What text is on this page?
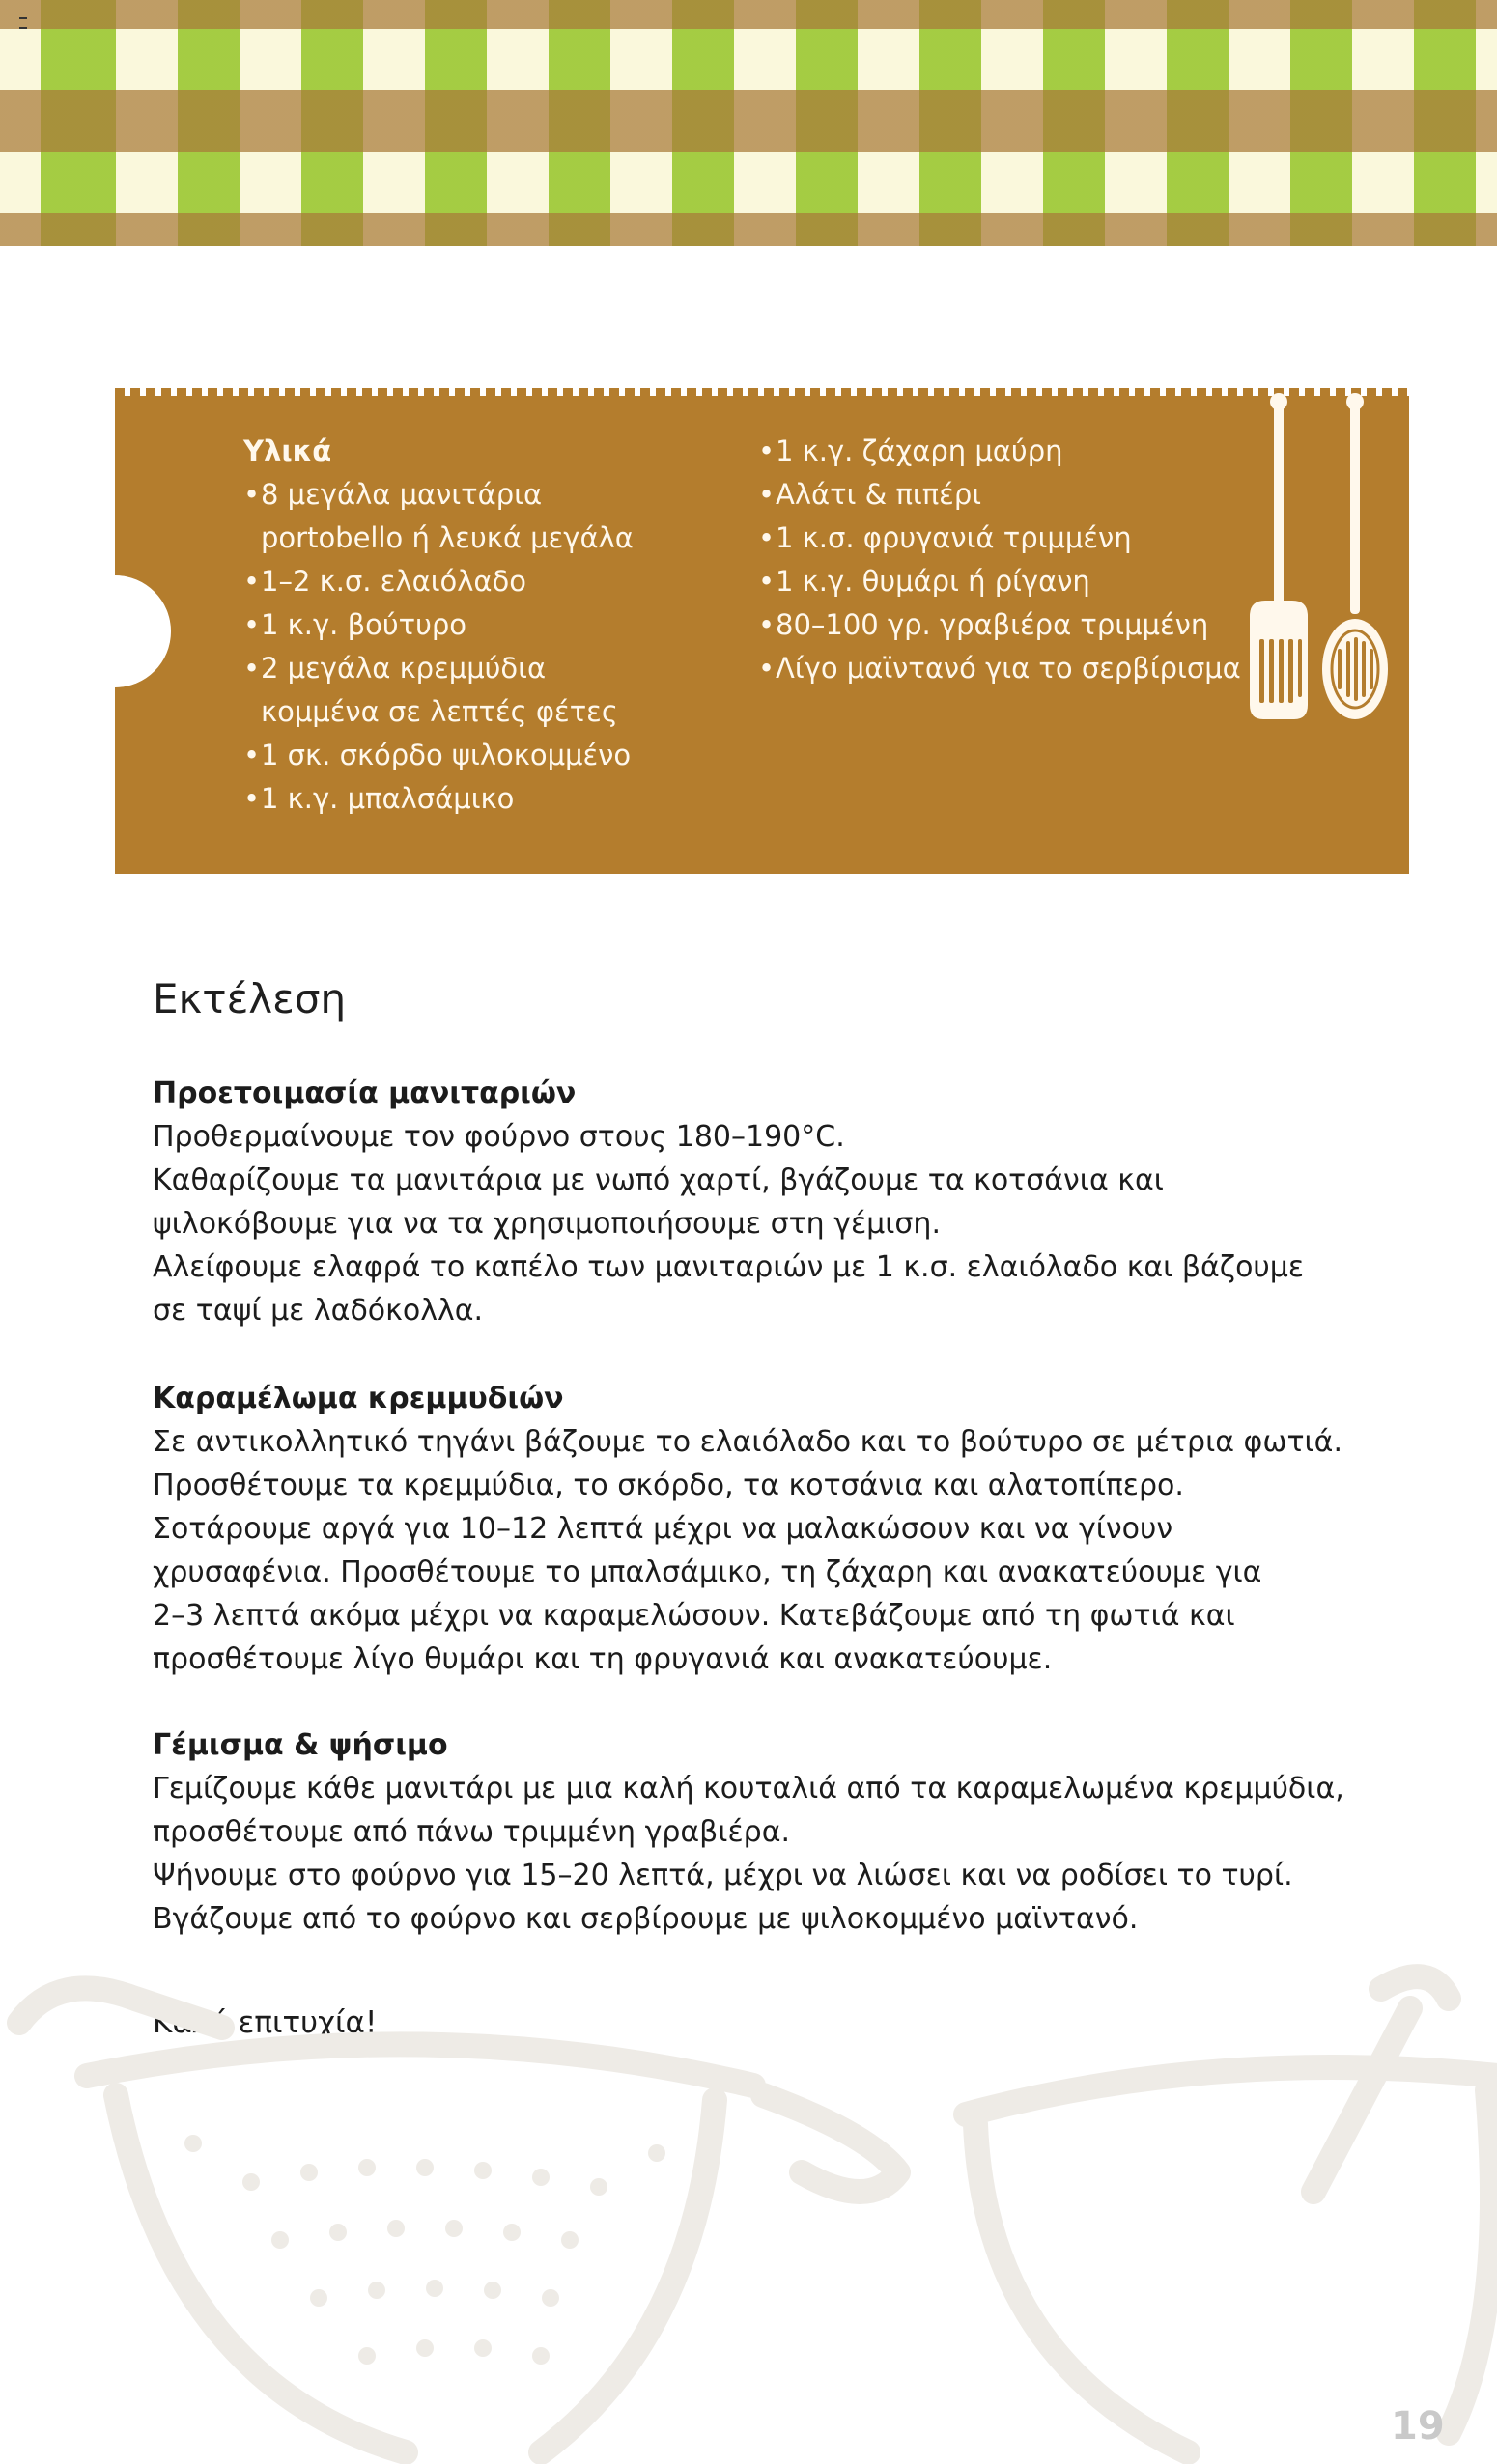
Υλικά
• 8 μεγάλα μανιτάρια
portobello ή λευκά μεγάλα
• 1–2 κ.σ. ελαιόλαδο
• 1 κ.γ. βούτυρο
• 2 μεγάλα κρεμμύδια
κομμένα σε λεπτές φέτες
• 1 σκ. σκόρδο ψιλοκομμένο
• 1 κ.γ. μπαλσάμικο
• 1 κ.γ. ζάχαρη μαύρη
• Αλάτι & πιπέρι
• 1 κ.σ. φρυγανιά τριμμένη
• 1 κ.γ. θυμάρι ή ρίγανη
• 80–100 γρ. γραβιέρα τριμμένη
• Λίγο μαϊντανό για το σερβίρισμα
Εκτέλεση
Προετοιμασία μανιταριών
Προθερμαίνουμε τον φούρνο στους 180–190°C.
Καθαρίζουμε τα μανιτάρια με νωπό χαρτί, βγάζουμε τα κοτσάνια και
ψιλοκόβουμε για να τα χρησιμοποιήσουμε στη γέμιση.
Αλείφουμε ελαφρά το καπέλο των μανιταριών με 1 κ.σ. ελαιόλαδο και βάζουμε
σε ταψί με λαδόκολλα.
Καραμέλωμα κρεμμυδιών
Σε αντικολλητικό τηγάνι βάζουμε το ελαιόλαδο και το βούτυρο σε μέτρια φωτιά.
Προσθέτουμε τα κρεμμύδια, το σκόρδο, τα κοτσάνια και αλατοπίπερο.
Σοτάρουμε αργά για 10–12 λεπτά μέχρι να μαλακώσουν και να γίνουν
χρυσαφένια. Προσθέτουμε το μπαλσάμικο, τη ζάχαρη και ανακατεύουμε για
2–3 λεπτά ακόμα μέχρι να καραμελώσουν. Κατεβάζουμε από τη φωτιά και
προσθέτουμε λίγο θυμάρι και τη φρυγανιά και ανακατεύουμε.
Γέμισμα & ψήσιμο
Γεμίζουμε κάθε μανιτάρι με μια καλή κουταλιά από τα καραμελωμένα κρεμμύδια,
προσθέτουμε από πάνω τριμμένη γραβιέρα.
Ψήνουμε στο φούρνο για 15–20 λεπτά, μέχρι να λιώσει και να ροδίσει το τυρί.
Βγάζουμε από το φούρνο και σερβίρουμε με ψιλοκομμένο μαϊντανό.
Καλή επιτυχία!
19
